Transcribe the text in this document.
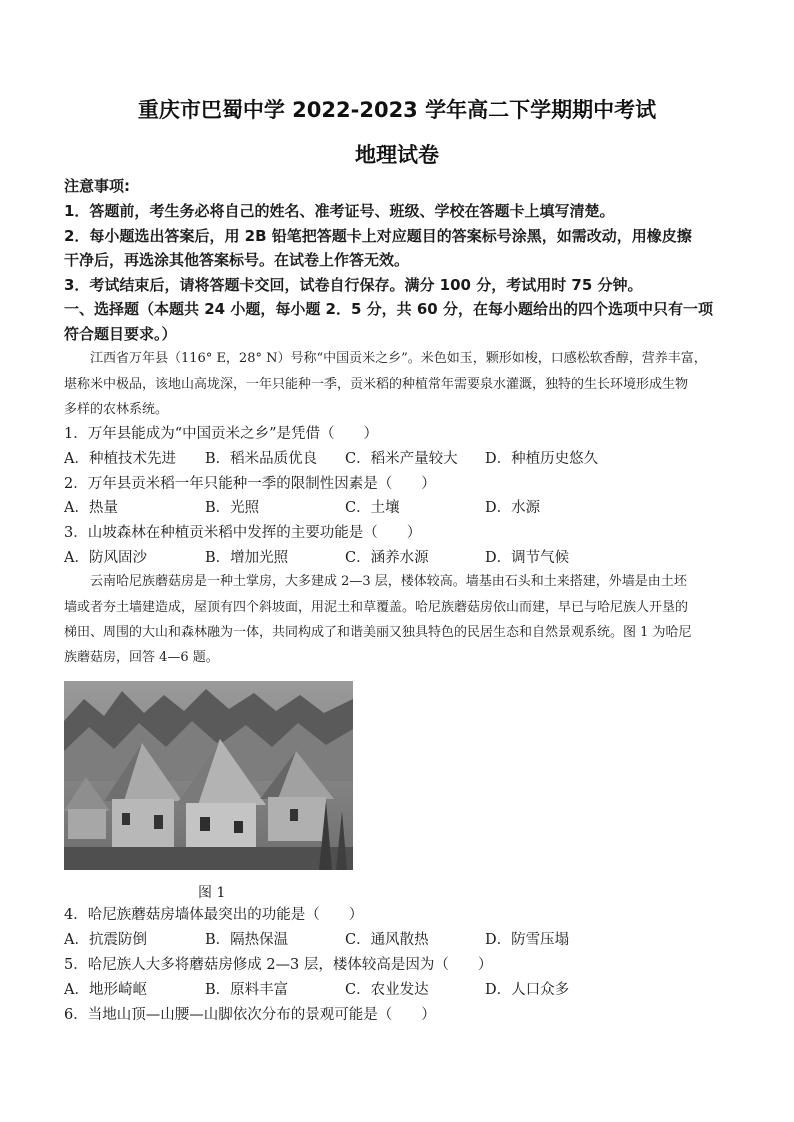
重庆市巴蜀中学 2022-2023 学年高二下学期期中考试
地理试卷
注意事项:
1．答题前，考生务必将自己的姓名、准考证号、班级、学校在答题卡上填写清楚。
2．每小题选出答案后，用 2B 铅笔把答题卡上对应题目的答案标号涂黑，如需改动，用橡皮擦
干净后，再选涂其他答案标号。在试卷上作答无效。
3．考试结束后，请将答题卡交回，试卷自行保存。满分 100 分，考试用时 75 分钟。
一、选择题（本题共 24 小题，每小题 2．5 分，共 60 分，在每小题给出的四个选项中只有一项
符合题目要求。）
江西省万年县（116° E，28° N）号称“中国贡米之乡”。米色如玉，颗形如梭，口感松软香醇，营养丰富，
堪称米中极品，该地山高垅深，一年只能种一季，贡米稻的种植常年需要泉水灌溉，独特的生长环境形成生物
多样的农林系统。
1．万年县能成为“中国贡米之乡”是凭借（　　）
A．种植技术先进 B．稻米品质优良 C．稻米产量较大 D．种植历史悠久
2．万年县贡米稻一年只能种一季的限制性因素是（　　）
A．热量	B．光照	C．土壤	D．水源
3．山坡森林在种植贡米稻中发挥的主要功能是（　　）
A．防风固沙	B．增加光照	C．涵养水源	D．调节气候
云南哈尼族蘑菇房是一种土掌房，大多建成 2—3 层，楼体较高。墙基由石头和土来搭建，外墙是由土坯
墙或者夯土墙建造成，屋顶有四个斜坡面，用泥土和草覆盖。哈尼族蘑菇房依山而建，早已与哈尼族人开垦的
梯田、周围的大山和森林融为一体，共同构成了和谐美丽又独具特色的民居生态和自然景观系统。图 1 为哈尼
族蘑菇房，回答 4—6 题。
图 1
4．哈尼族蘑菇房墙体最突出的功能是（　　）
A．抗震防倒	B．隔热保温	C．通风散热	D．防雪压塌
5．哈尼族人大多将蘑菇房修成 2—3 层，楼体较高是因为（　　）
A．地形崎岖	B．原料丰富	C．农业发达	D．人口众多
6．当地山顶—山腰—山脚依次分布的景观可能是（　　）
